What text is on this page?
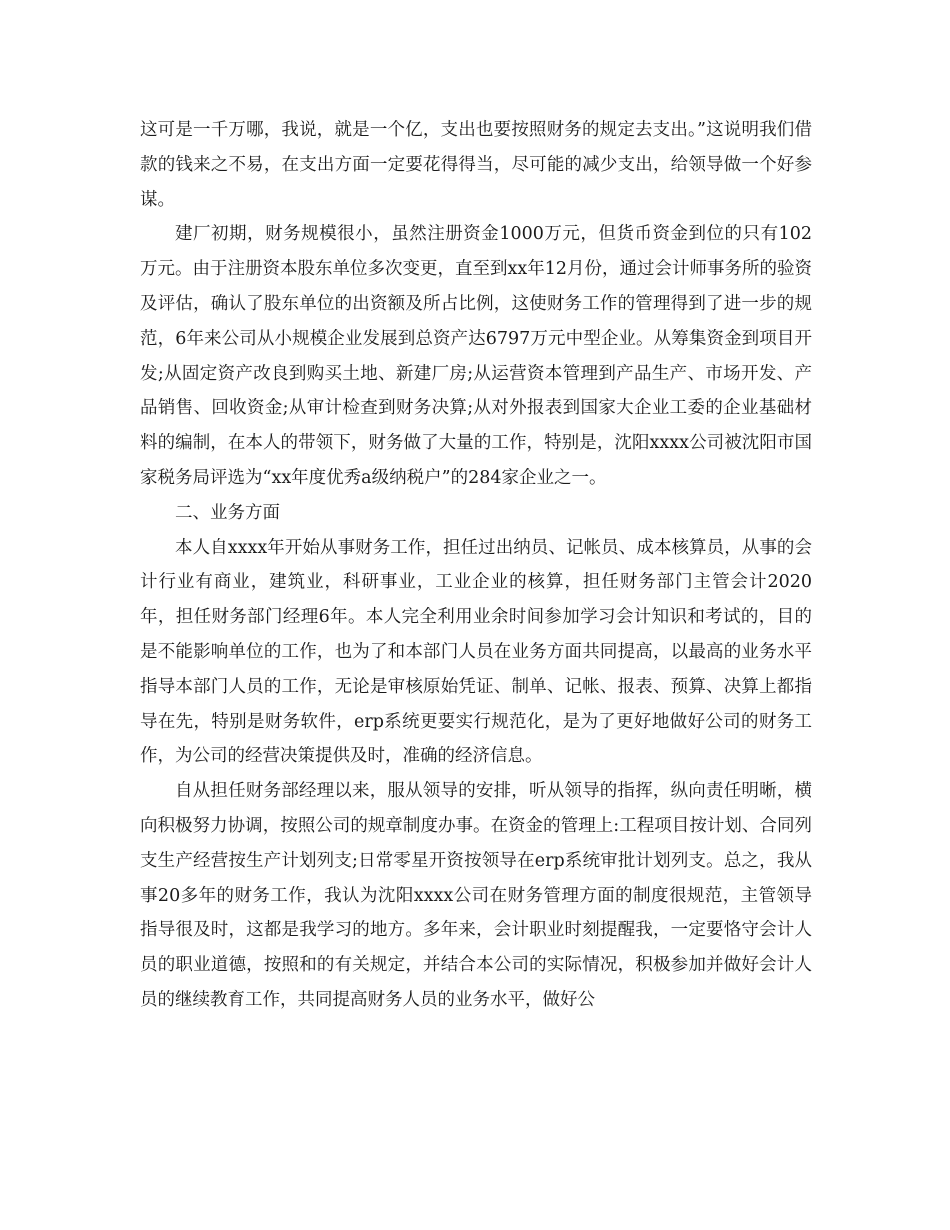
这可是一千万哪，我说，就是一个亿，支出也要按照财务的规定去支出。”这说明我们借款的钱来之不易，在支出方面一定要花得得当，尽可能的减少支出，给领导做一个好参谋。

建厂初期，财务规模很小，虽然注册资金1000万元，但货币资金到位的只有102万元。由于注册资本股东单位多次变更，直至到xx年12月份，通过会计师事务所的验资及评估，确认了股东单位的出资额及所占比例，这使财务工作的管理得到了进一步的规范，6年来公司从小规模企业发展到总资产达6797万元中型企业。从筹集资金到项目开发;从固定资产改良到购买土地、新建厂房;从运营资本管理到产品生产、市场开发、产品销售、回收资金;从审计检查到财务决算;从对外报表到国家大企业工委的企业基础材料的编制，在本人的带领下，财务做了大量的工作，特别是，沈阳xxxx公司被沈阳市国家税务局评选为“xx年度优秀a级纳税户”的284家企业之一。

二、业务方面

本人自xxxx年开始从事财务工作，担任过出纳员、记帐员、成本核算员，从事的会计行业有商业，建筑业，科研事业，工业企业的核算，担任财务部门主管会计2020年，担任财务部门经理6年。本人完全利用业余时间参加学习会计知识和考试的，目的是不能影响单位的工作，也为了和本部门人员在业务方面共同提高，以最高的业务水平指导本部门人员的工作，无论是审核原始凭证、制单、记帐、报表、预算、决算上都指导在先，特别是财务软件，erp系统更要实行规范化，是为了更好地做好公司的财务工作，为公司的经营决策提供及时，准确的经济信息。

自从担任财务部经理以来，服从领导的安排，听从领导的指挥，纵向责任明晰，横向积极努力协调，按照公司的规章制度办事。在资金的管理上:工程项目按计划、合同列支生产经营按生产计划列支;日常零星开资按领导在erp系统审批计划列支。总之，我从事20多年的财务工作，我认为沈阳xxxx公司在财务管理方面的制度很规范，主管领导指导很及时，这都是我学习的地方。多年来，会计职业时刻提醒我，一定要恪守会计人员的职业道德，按照和的有关规定，并结合本公司的实际情况，积极参加并做好会计人员的继续教育工作，共同提高财务人员的业务水平，做好公
